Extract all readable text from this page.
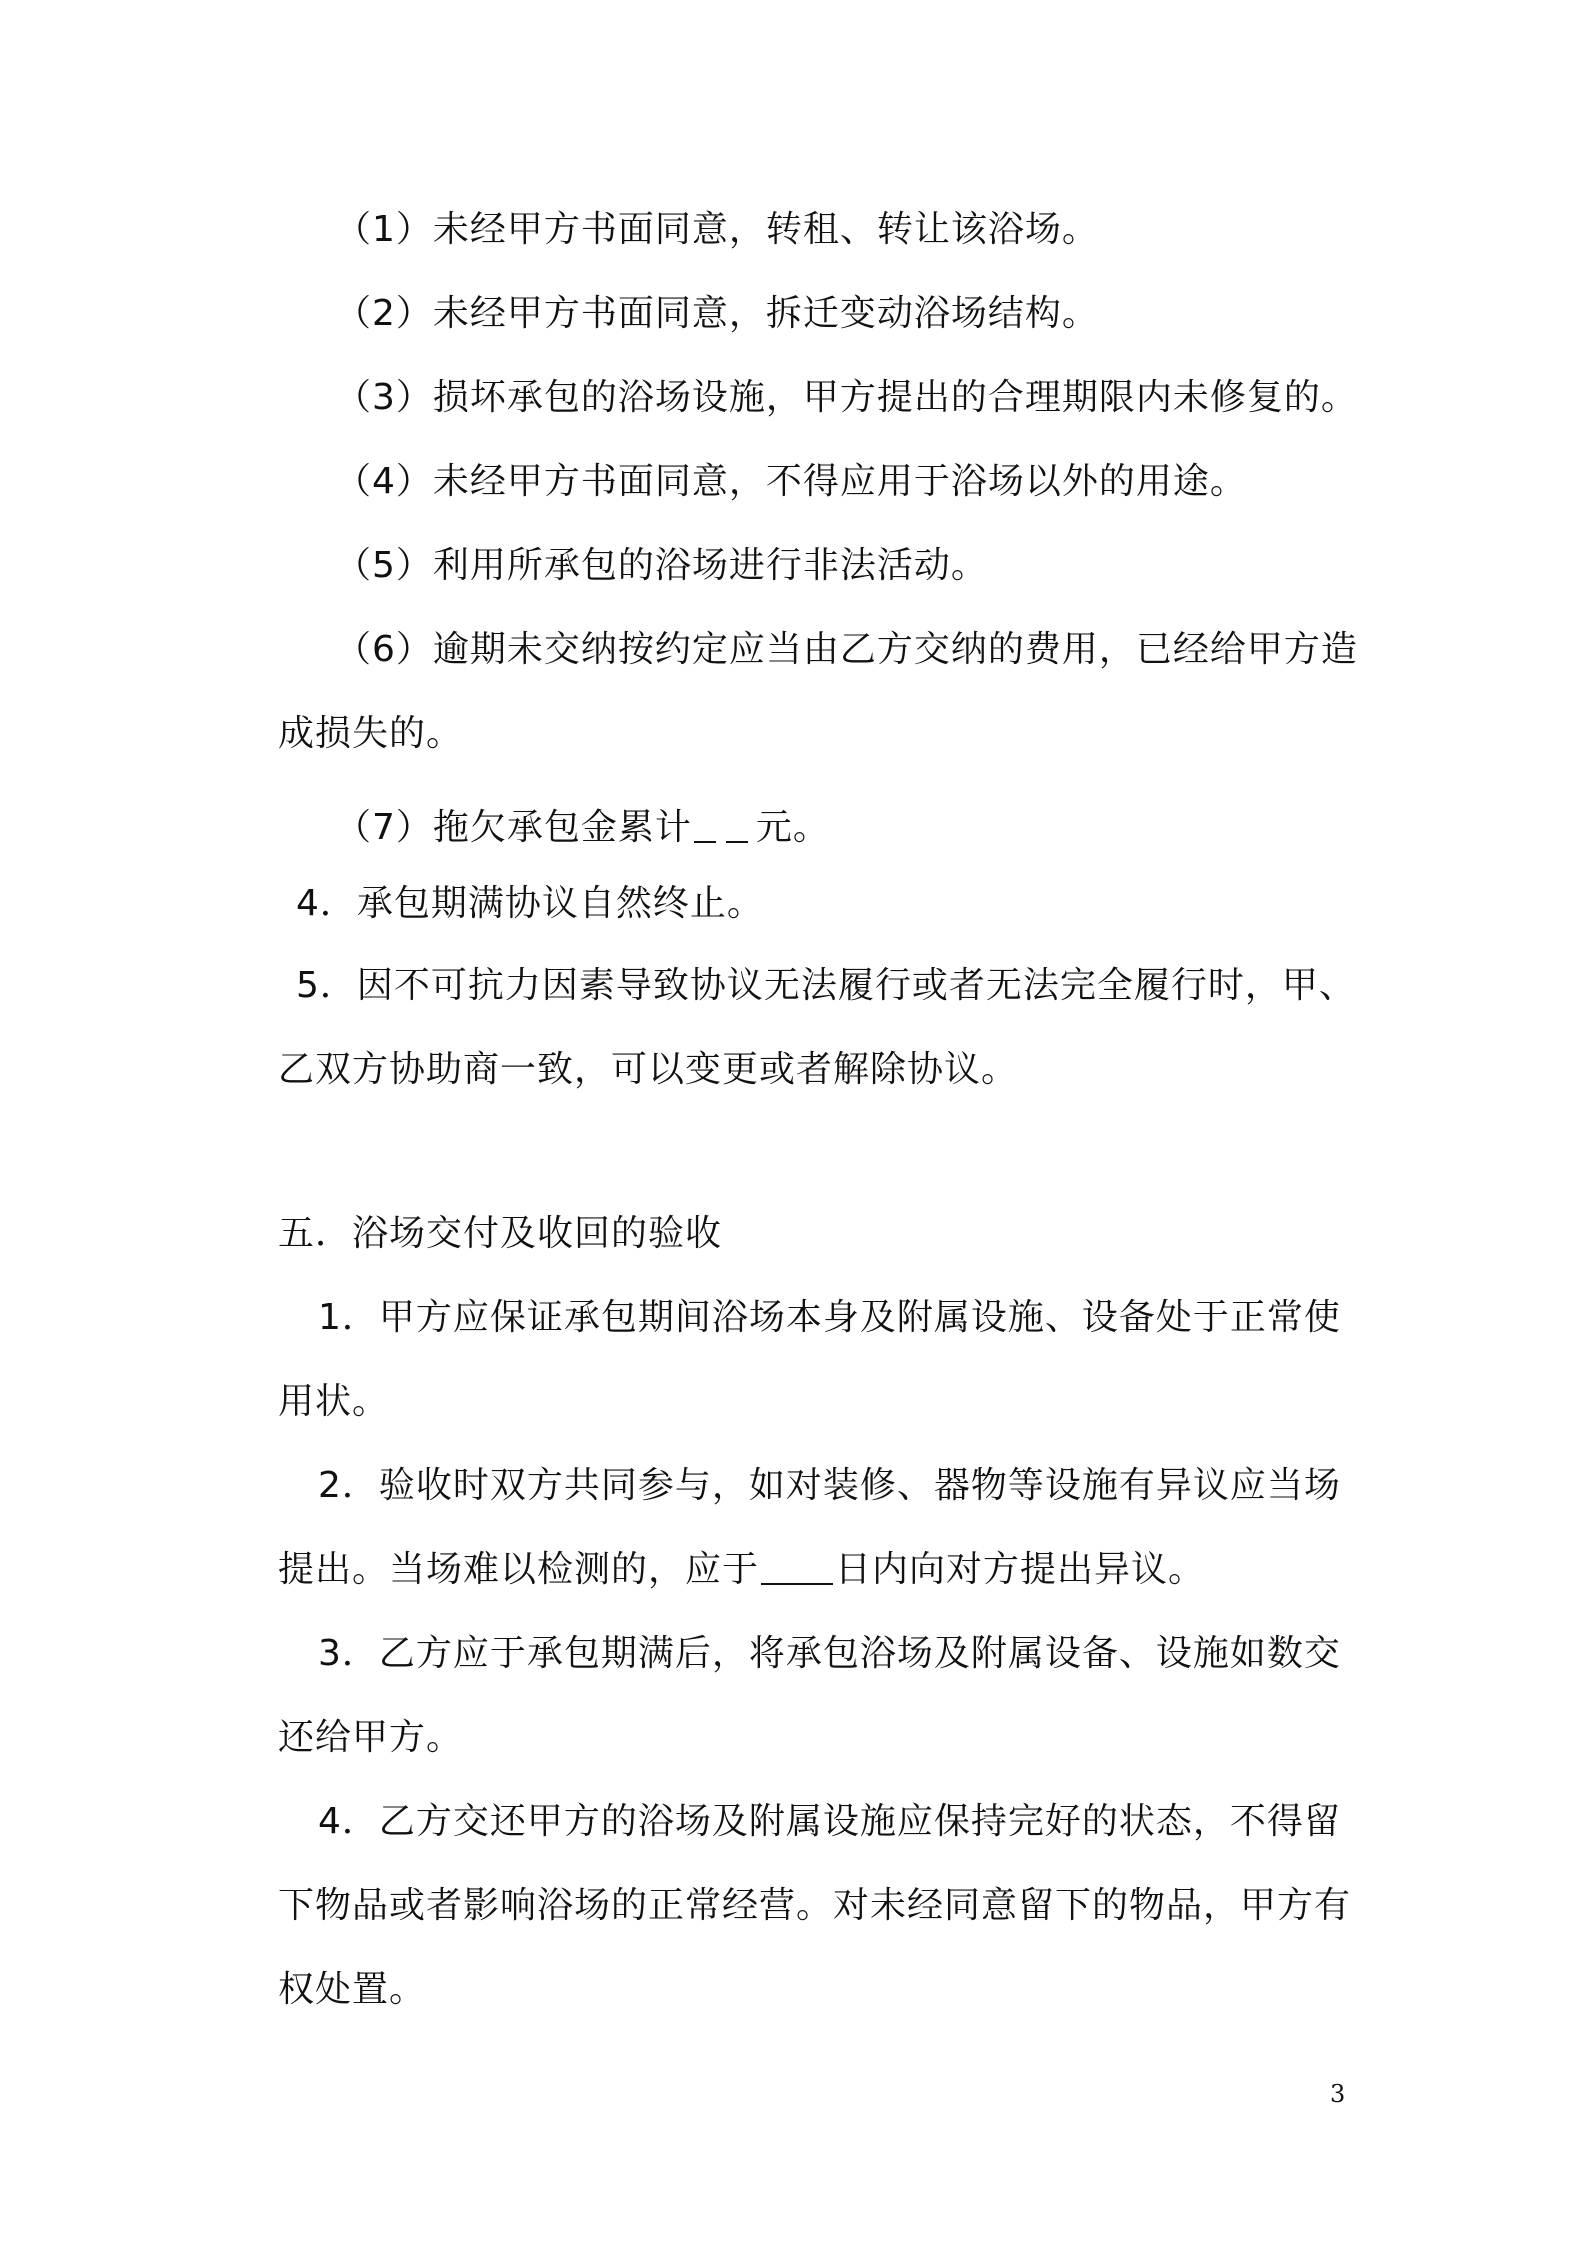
（1）未经甲方书面同意，转租、转让该浴场。
（2）未经甲方书面同意，拆迁变动浴场结构。
（3）损坏承包的浴场设施，甲方提出的合理期限内未修复的。
（4）未经甲方书面同意，不得应用于浴场以外的用途。
（5）利用所承包的浴场进行非法活动。
（6）逾期未交纳按约定应当由乙方交纳的费用，已经给甲方造
成损失的。
（7）拖欠承包金累计 元。
4．承包期满协议自然终止。
5．因不可抗力因素导致协议无法履行或者无法完全履行时，甲、
乙双方协助商一致，可以变更或者解除协议。
五．浴场交付及收回的验收
1．甲方应保证承包期间浴场本身及附属设施、设备处于正常使
用状。
2．验收时双方共同参与，如对装修、器物等设施有异议应当场
提出。当场难以检测的，应于 日内向对方提出异议。
3．乙方应于承包期满后，将承包浴场及附属设备、设施如数交
还给甲方。
4．乙方交还甲方的浴场及附属设施应保持完好的状态，不得留
下物品或者影响浴场的正常经营。对未经同意留下的物品，甲方有
权处置。
3
